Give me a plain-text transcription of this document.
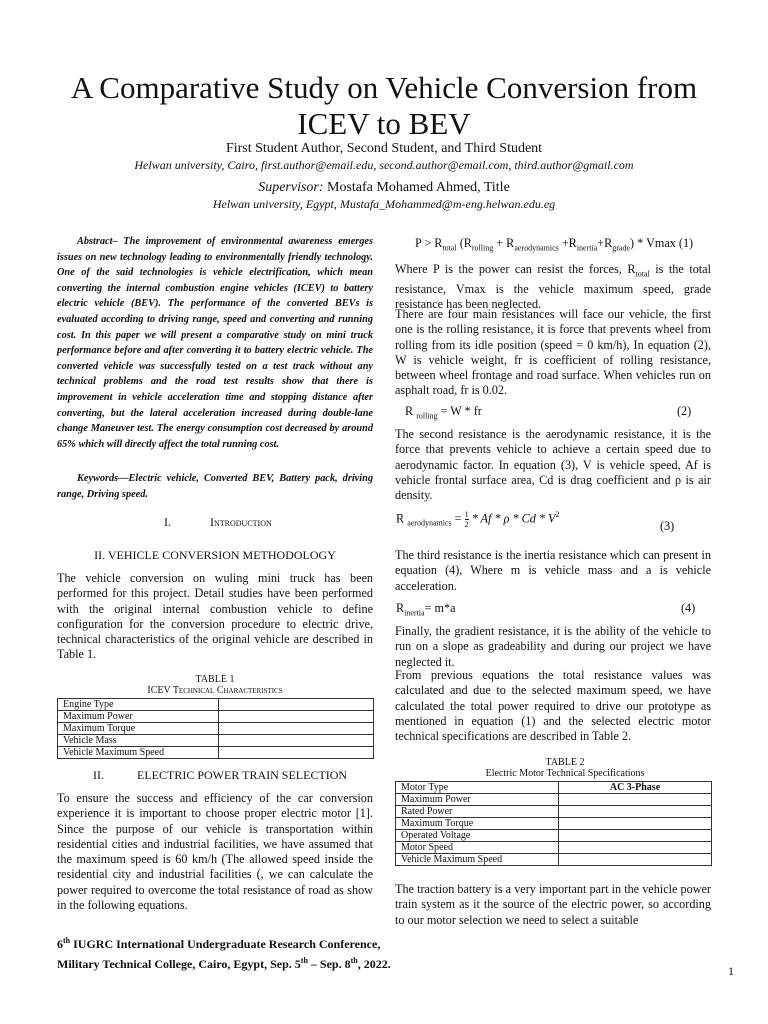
A Comparative Study on Vehicle Conversion from
ICEV to BEV
First Student Author, Second Student, and Third Student
Helwan university, Cairo, first.author@email.edu, second.author@email.com, third.author@gmail.com
Supervisor: Mostafa Mohamed Ahmed, Title
Helwan university, Egypt, Mustafa_Mohammed@m-eng.helwan.edu.eg
Abstract– The improvement of environmental awareness emerges issues on new technology leading to environmentally friendly technology. One of the said technologies is vehicle electrification, which mean converting the internal combustion engine vehicles (ICEV) to battery electric vehicle (BEV). The performance of the converted BEVs is evaluated according to driving range, speed and converting and running cost. In this paper we will present a comparative study on mini truck performance before and after converting it to battery electric vehicle. The converted vehicle was successfully tested on a test track without any technical problems and the road test results show that there is improvement in vehicle acceleration time and stopping distance after converting, but the lateral acceleration increased during double-lane change Maneuver test. The energy consumption cost decreased by around 65% which will directly affect the total running cost.
Keywords—Electric vehicle, Converted BEV, Battery pack, driving range, Driving speed.
I.	Introduction
II. VEHICLE CONVERSION METHODOLOGY
The vehicle conversion on wuling mini truck has been performed for this project. Detail studies have been performed with the original internal combustion vehicle to define configuration for the conversion procedure to electric drive, technical characteristics of the original vehicle are described in Table 1.
TABLE 1
ICEV Technical Characteristics
Engine Type	
Maximum Power	
Maximum Torque	
Vehicle Mass	
Vehicle Maximum Speed	
II.	ELECTRIC POWER TRAIN SELECTION
To ensure the success and efficiency of the car conversion experience it is important to choose proper electric motor [1]. Since the purpose of our vehicle is transportation within residential cities and industrial facilities, we have assumed that the maximum speed is 60 km/h (The allowed speed inside the residential city and industrial facilities (, we can calculate the power required to overcome the total resistance of road as show in the following equations.
$P > R_{total}$ $(R_{rolling} + R_{aerodynamics} +R_{inertia}+R_{grade}) * Vmax$ (1)
Where P is the power can resist the forces, $R_{total}$ is the total resistance, Vmax is the vehicle maximum speed, grade resistance has been neglected.
There are four main resistances will face our vehicle, the first one is the rolling resistance, it is force that prevents wheel from rolling from its idle position (speed = 0 km/h), In equation (2), W is vehicle weight, fr is coefficient of rolling resistance, between wheel frontage and road surface. When vehicles run on asphalt road, fr is 0.02.
R $_{rolling}$ = W * fr	(2)
The second resistance is the aerodynamic resistance, it is the force that prevents vehicle to achieve a certain speed due to aerodynamic factor. In equation (3), V is vehicle speed, Af is vehicle frontal surface area, Cd is drag coefficient and ρ is air density.
R $_{aerodynamics} = \frac{1}{2} * Af * \rho * Cd * V^2$
(3)
The third resistance is the inertia resistance which can present in equation (4), Where m is vehicle mass and a is vehicle acceleration.
$R_{inertia}= m*a$	(4)
Finally, the gradient resistance, it is the ability of the vehicle to run on a slope as gradeability and during our project we have neglected it.
From previous equations the total resistance values was calculated and due to the selected maximum speed, we have calculated the total power required to drive our prototype as mentioned in equation (1) and the selected electric motor technical specifications are described in Table 2.
TABLE 2
Electric Motor Technical Specifications
Motor Type	AC 3-Phase
Maximum Power	
Rated Power	
Maximum Torque	
Operated Voltage	
Motor Speed	
Vehicle Maximum Speed	
The traction battery is a very important part in the vehicle power train system as it the source of the electric power, so according to our motor selection we need to select a suitable
6th IUGRC International Undergraduate Research Conference,
Military Technical College, Cairo, Egypt, Sep. 5th – Sep. 8th, 2022.
1
